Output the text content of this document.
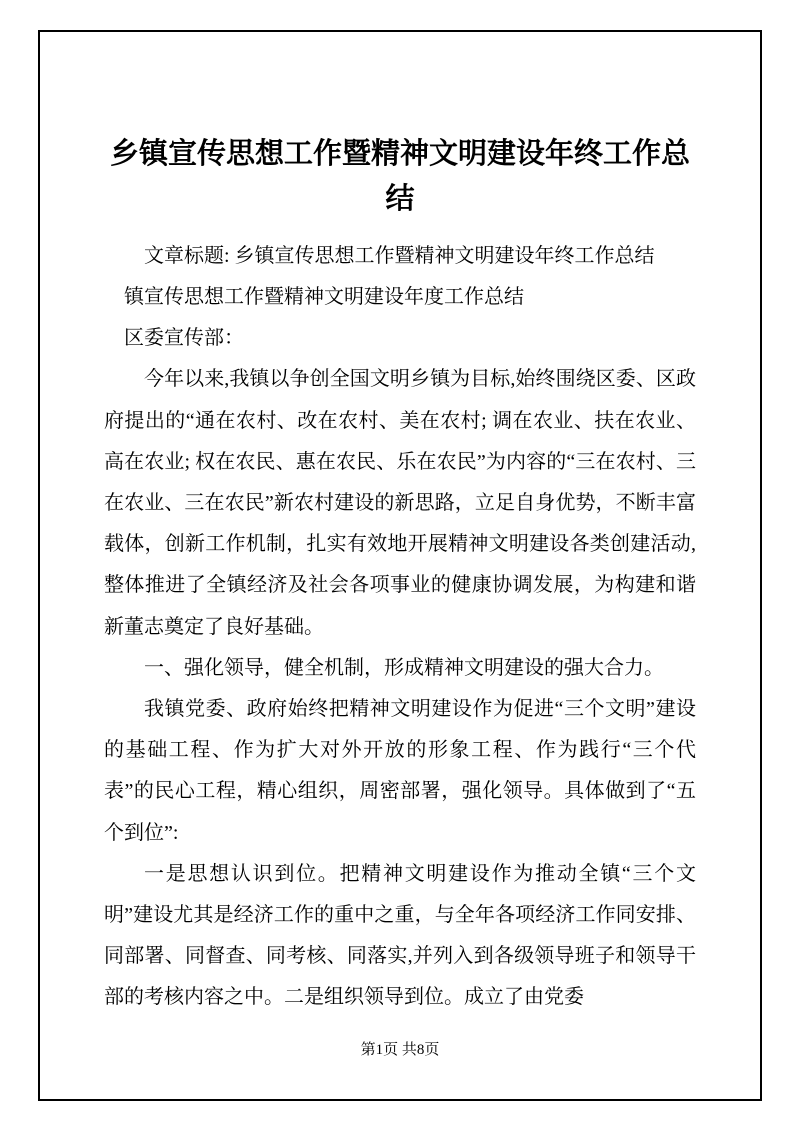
乡镇宣传思想工作暨精神文明建设年终工作总结

文章标题: 乡镇宣传思想工作暨精神文明建设年终工作总结

镇宣传思想工作暨精神文明建设年度工作总结

区委宣传部：

今年以来,我镇以争创全国文明乡镇为目标,始终围绕区委、区政府提出的“通在农村、改在农村、美在农村; 调在农业、扶在农业、高在农业; 权在农民、惠在农民、乐在农民”为内容的“三在农村、三在农业、三在农民”新农村建设的新思路，立足自身优势，不断丰富载体，创新工作机制，扎实有效地开展精神文明建设各类创建活动,整体推进了全镇经济及社会各项事业的健康协调发展，为构建和谐新董志奠定了良好基础。

一、强化领导，健全机制，形成精神文明建设的强大合力。

我镇党委、政府始终把精神文明建设作为促进“三个文明”建设的基础工程、作为扩大对外开放的形象工程、作为践行“三个代表”的民心工程，精心组织，周密部署，强化领导。具体做到了“五个到位”:

一是思想认识到位。把精神文明建设作为推动全镇“三个文明”建设尤其是经济工作的重中之重，与全年各项经济工作同安排、同部署、同督查、同考核、同落实,并列入到各级领导班子和领导干部的考核内容之中。二是组织领导到位。成立了由党委

第1页 共8页
